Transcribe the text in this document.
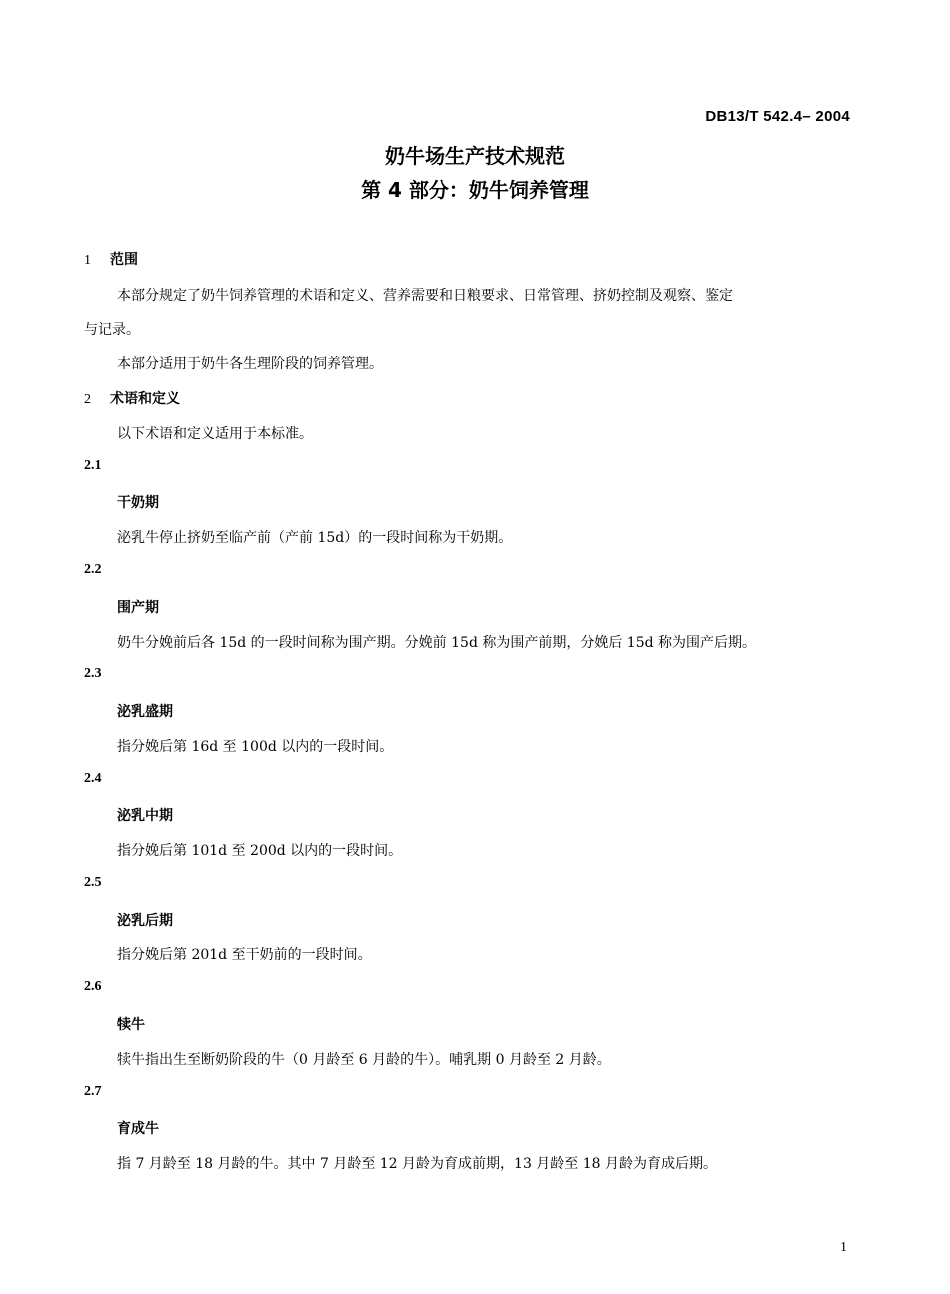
DB13/T 542.4– 2004
奶牛场生产技术规范
第 4 部分：奶牛饲养管理
1 范围
本部分规定了奶牛饲养管理的术语和定义、营养需要和日粮要求、日常管理、挤奶控制及观察、鉴定
与记录。
本部分适用于奶牛各生理阶段的饲养管理。
2 术语和定义
以下术语和定义适用于本标准。
2.1
干奶期
泌乳牛停止挤奶至临产前（产前 15d）的一段时间称为干奶期。
2.2
围产期
奶牛分娩前后各 15d 的一段时间称为围产期。分娩前 15d 称为围产前期，分娩后 15d 称为围产后期。
2.3
泌乳盛期
指分娩后第 16d 至 100d 以内的一段时间。
2.4
泌乳中期
指分娩后第 101d 至 200d 以内的一段时间。
2.5
泌乳后期
指分娩后第 201d 至干奶前的一段时间。
2.6
犊牛
犊牛指出生至断奶阶段的牛（0 月龄至 6 月龄的牛）。哺乳期 0 月龄至 2 月龄。
2.7
育成牛
指 7 月龄至 18 月龄的牛。其中 7 月龄至 12 月龄为育成前期，13 月龄至 18 月龄为育成后期。
1
